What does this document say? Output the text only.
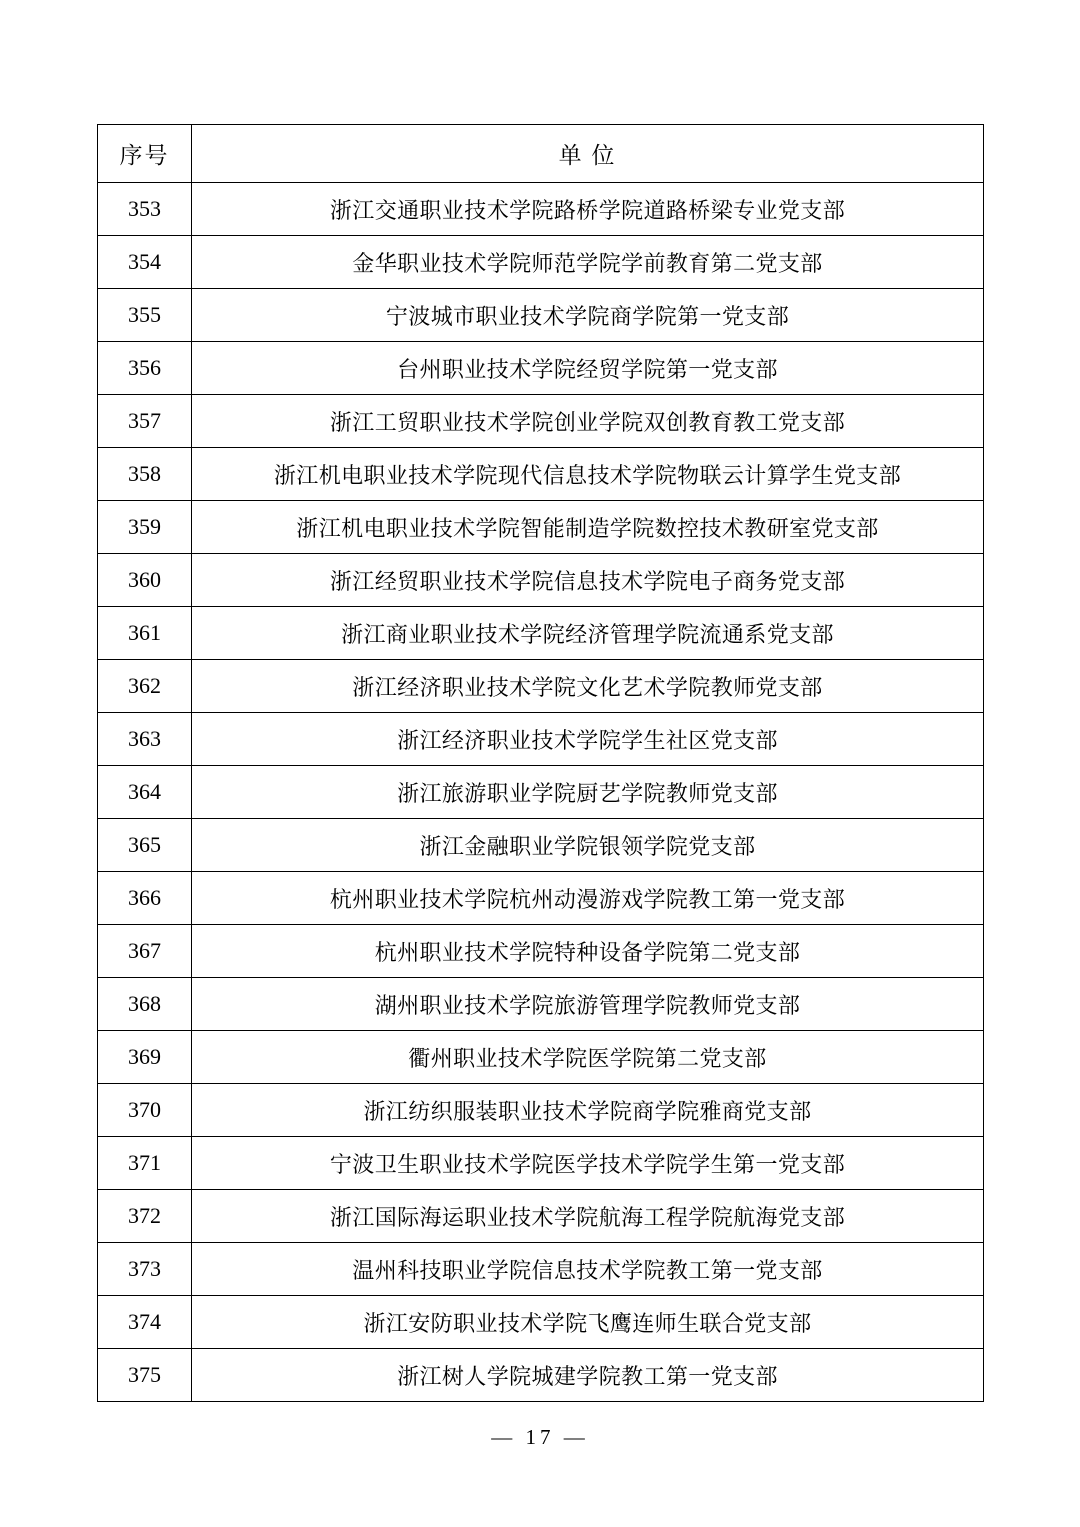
序号	单 位
353	浙江交通职业技术学院路桥学院道路桥梁专业党支部
354	金华职业技术学院师范学院学前教育第二党支部
355	宁波城市职业技术学院商学院第一党支部
356	台州职业技术学院经贸学院第一党支部
357	浙江工贸职业技术学院创业学院双创教育教工党支部
358	浙江机电职业技术学院现代信息技术学院物联云计算学生党支部
359	浙江机电职业技术学院智能制造学院数控技术教研室党支部
360	浙江经贸职业技术学院信息技术学院电子商务党支部
361	浙江商业职业技术学院经济管理学院流通系党支部
362	浙江经济职业技术学院文化艺术学院教师党支部
363	浙江经济职业技术学院学生社区党支部
364	浙江旅游职业学院厨艺学院教师党支部
365	浙江金融职业学院银领学院党支部
366	杭州职业技术学院杭州动漫游戏学院教工第一党支部
367	杭州职业技术学院特种设备学院第二党支部
368	湖州职业技术学院旅游管理学院教师党支部
369	衢州职业技术学院医学院第二党支部
370	浙江纺织服装职业技术学院商学院雅商党支部
371	宁波卫生职业技术学院医学技术学院学生第一党支部
372	浙江国际海运职业技术学院航海工程学院航海党支部
373	温州科技职业学院信息技术学院教工第一党支部
374	浙江安防职业技术学院飞鹰连师生联合党支部
375	浙江树人学院城建学院教工第一党支部
— 17 —
